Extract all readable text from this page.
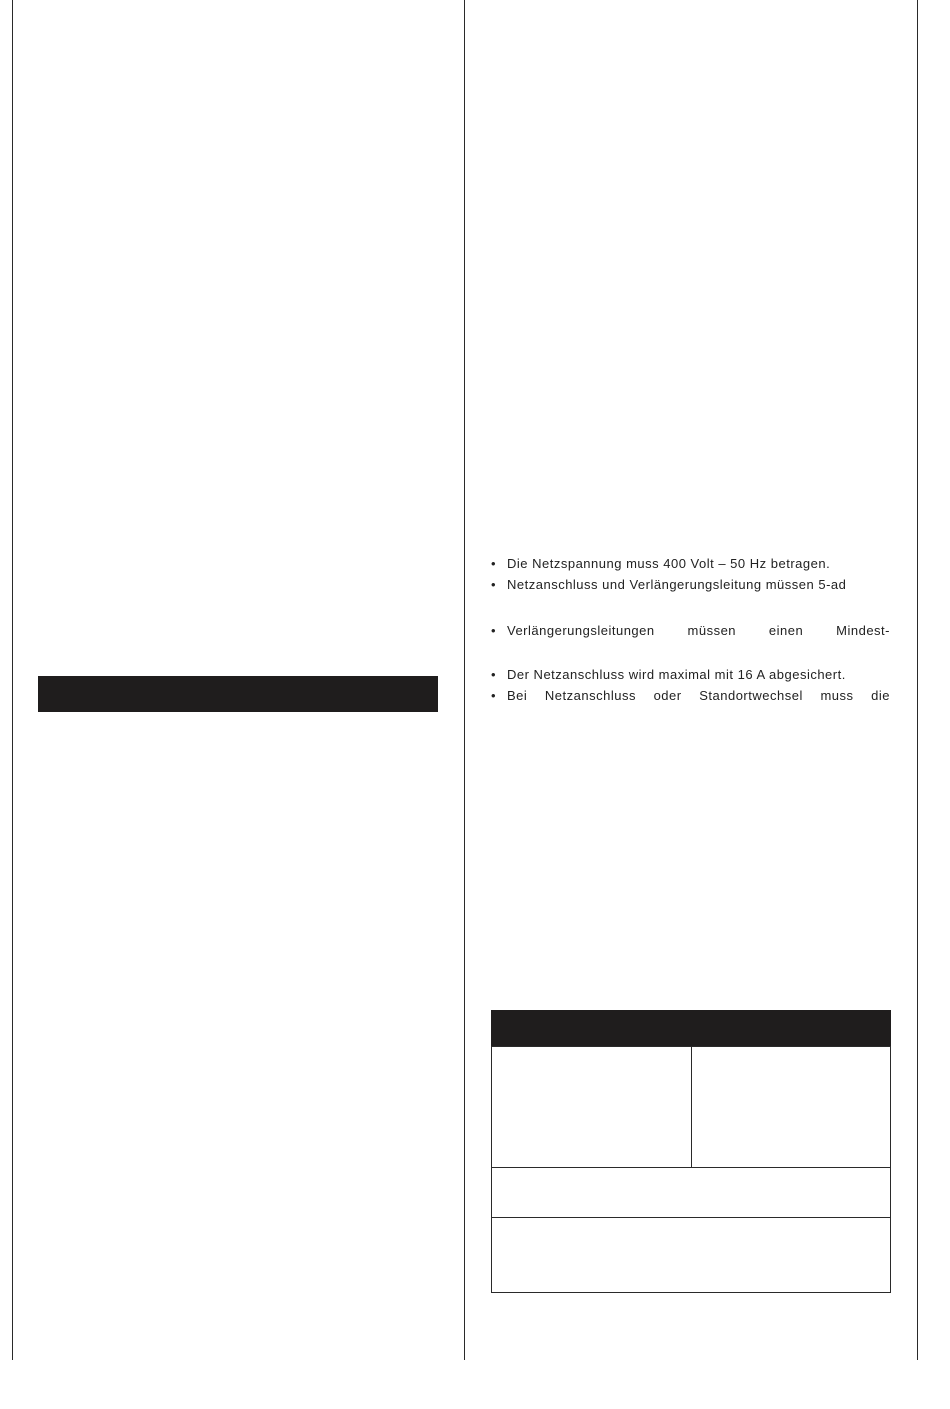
• Die Netzspannung muss 400 Volt – 50 Hz betragen.
• Netzanschluss und Verlängerungsleitung müssen 5-ad
• Verlängerungsleitungen müssen einen Mindest-
• Der Netzanschluss wird maximal mit 16 A abgesichert.
• Bei Netzanschluss oder Standortwechsel muss die
